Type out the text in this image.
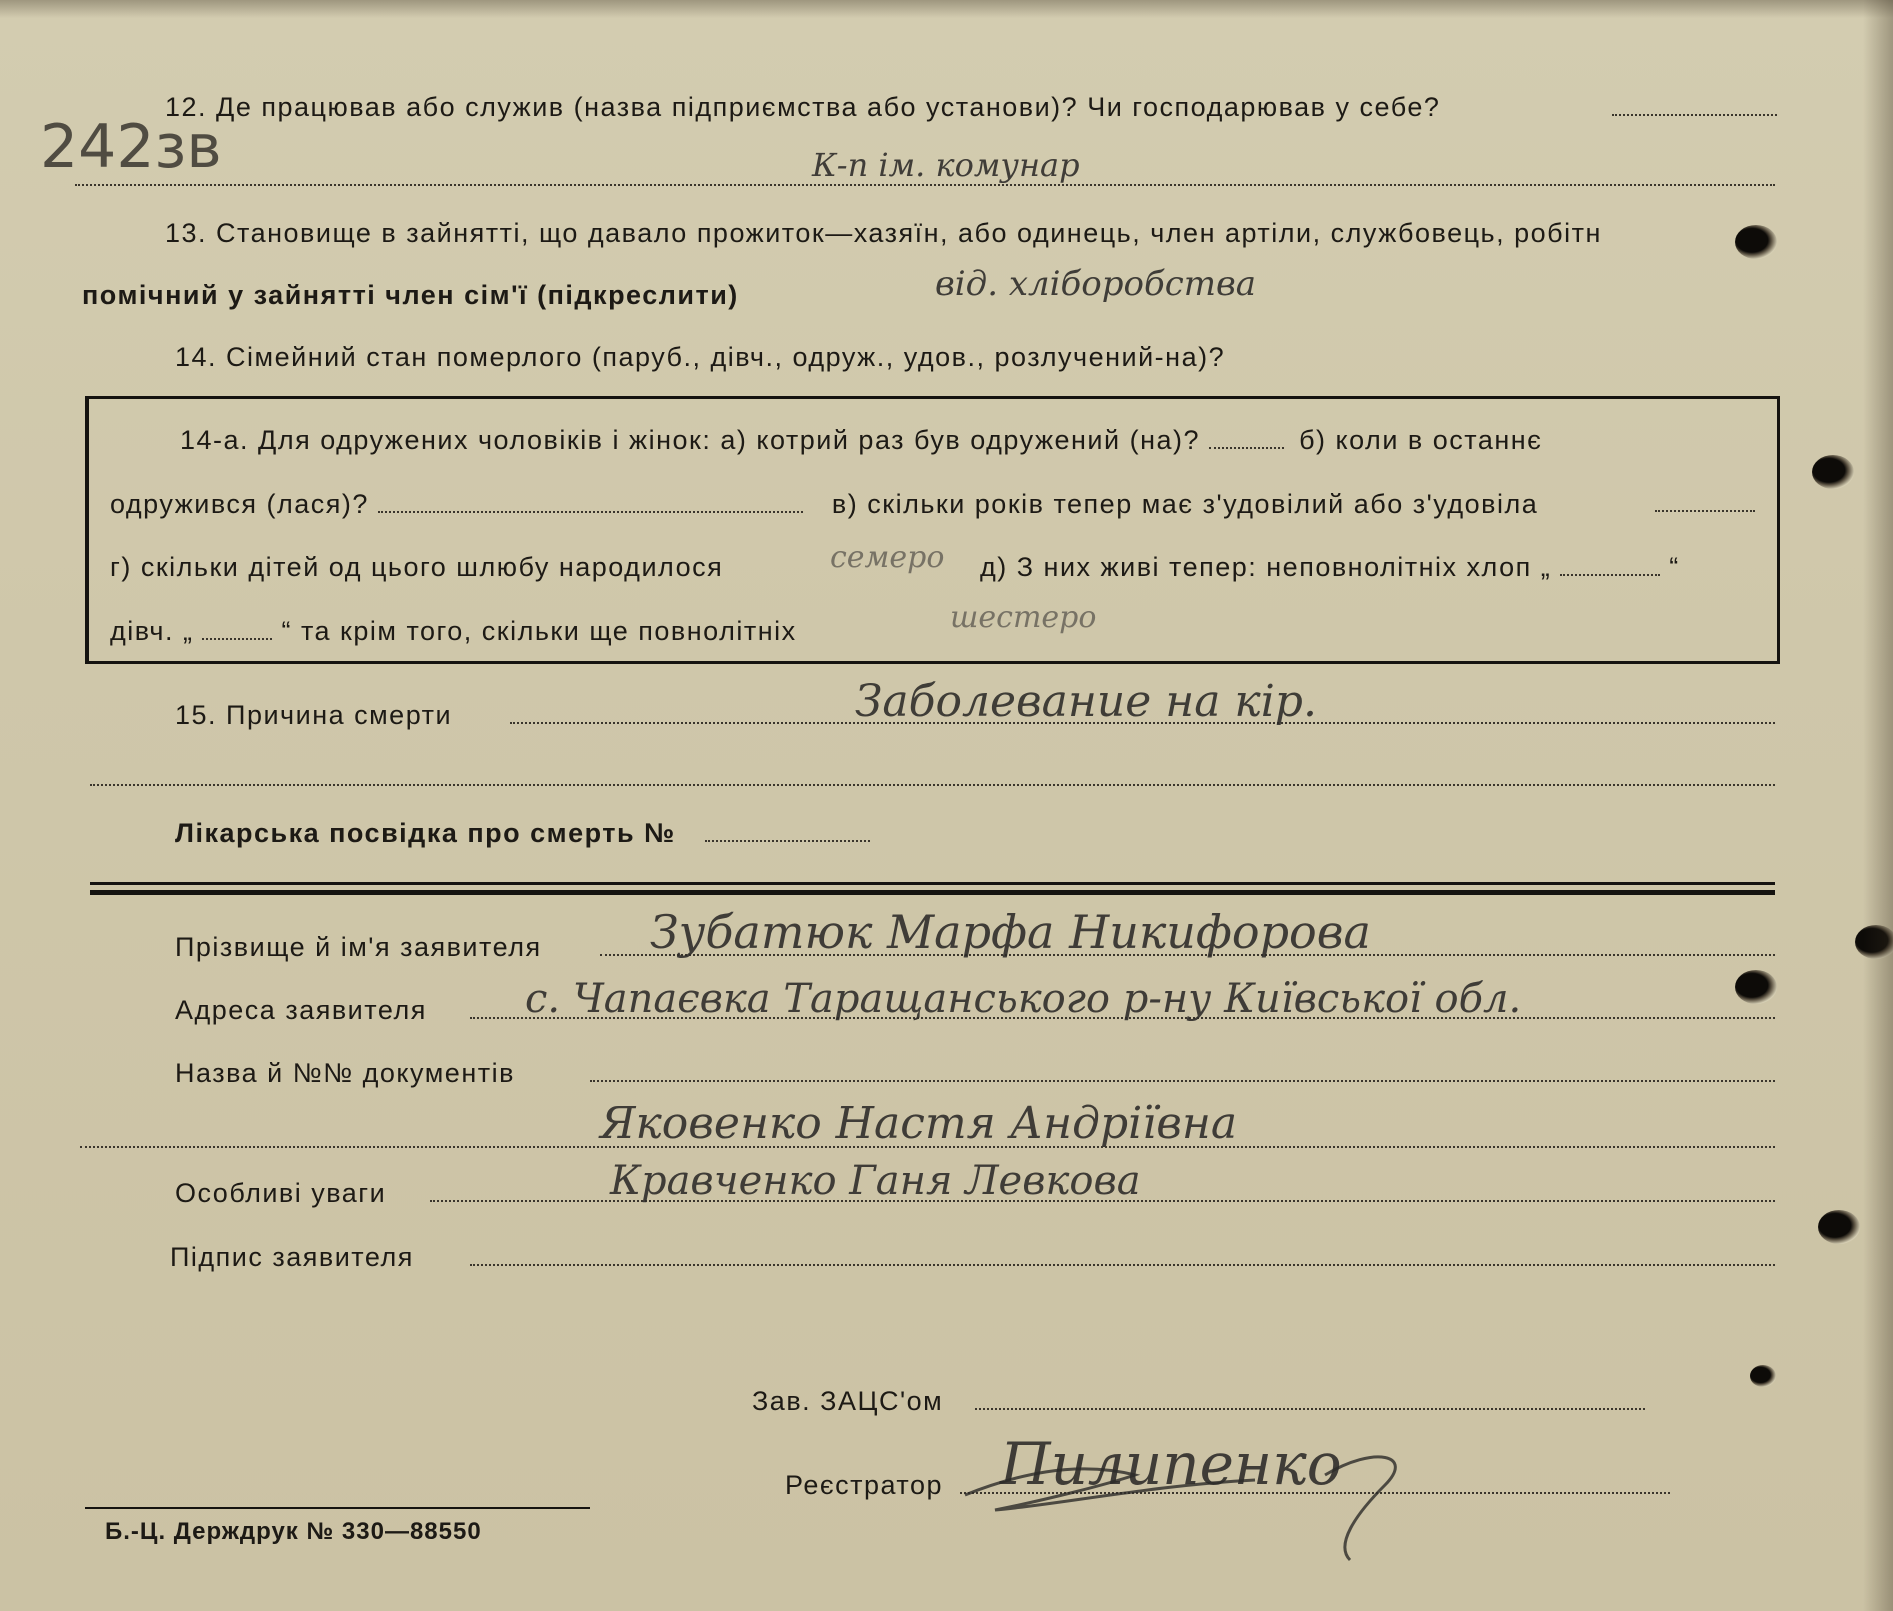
242зв
12. Де працював або служив (назва підприємства або установи)? Чи господарював у себе?
К-п ім. комунар
13. Становище в зайнятті, що давало прожиток—хазяїн, або одинець, член артіли, службовець, робітн
помічний у зайнятті член сім'ї (підкреслити)	від. хліборобства
14. Сімейний стан померлого (паруб., дівч., одруж., удов., розлучений-на)?
14-а. Для одружених чоловіків і жінок: а) котрий раз був одружений (на)?	б) коли в останнє
одружився (лася)?	в) скільки років тепер має з'удовілий або з'удовіла
г) скільки дітей од цього шлюбу народилося	семеро д) З них живі тепер: неповнолітніх хлоп „	“
дівч. „	“ та крім того, скільки ще повнолітніх	шестеро
15. Причина смерти	Заболевание на кір.
Лікарська посвідка про смерть №
Прізвище й ім'я заявителя Зубатюк Марфа Никифорова
Адреса заявителя с. Чапаєвка Таращанського р-ну Київської обл.
Назва й №№ документів
Яковенко Настя Андріївна
Особливі уваги	Кравченко Ганя Левкова
Підпис заявителя
Зав. ЗАЦС'ом
Реєстратор Пилипенко
Б.-Ц. Держдрук № 330—88550
